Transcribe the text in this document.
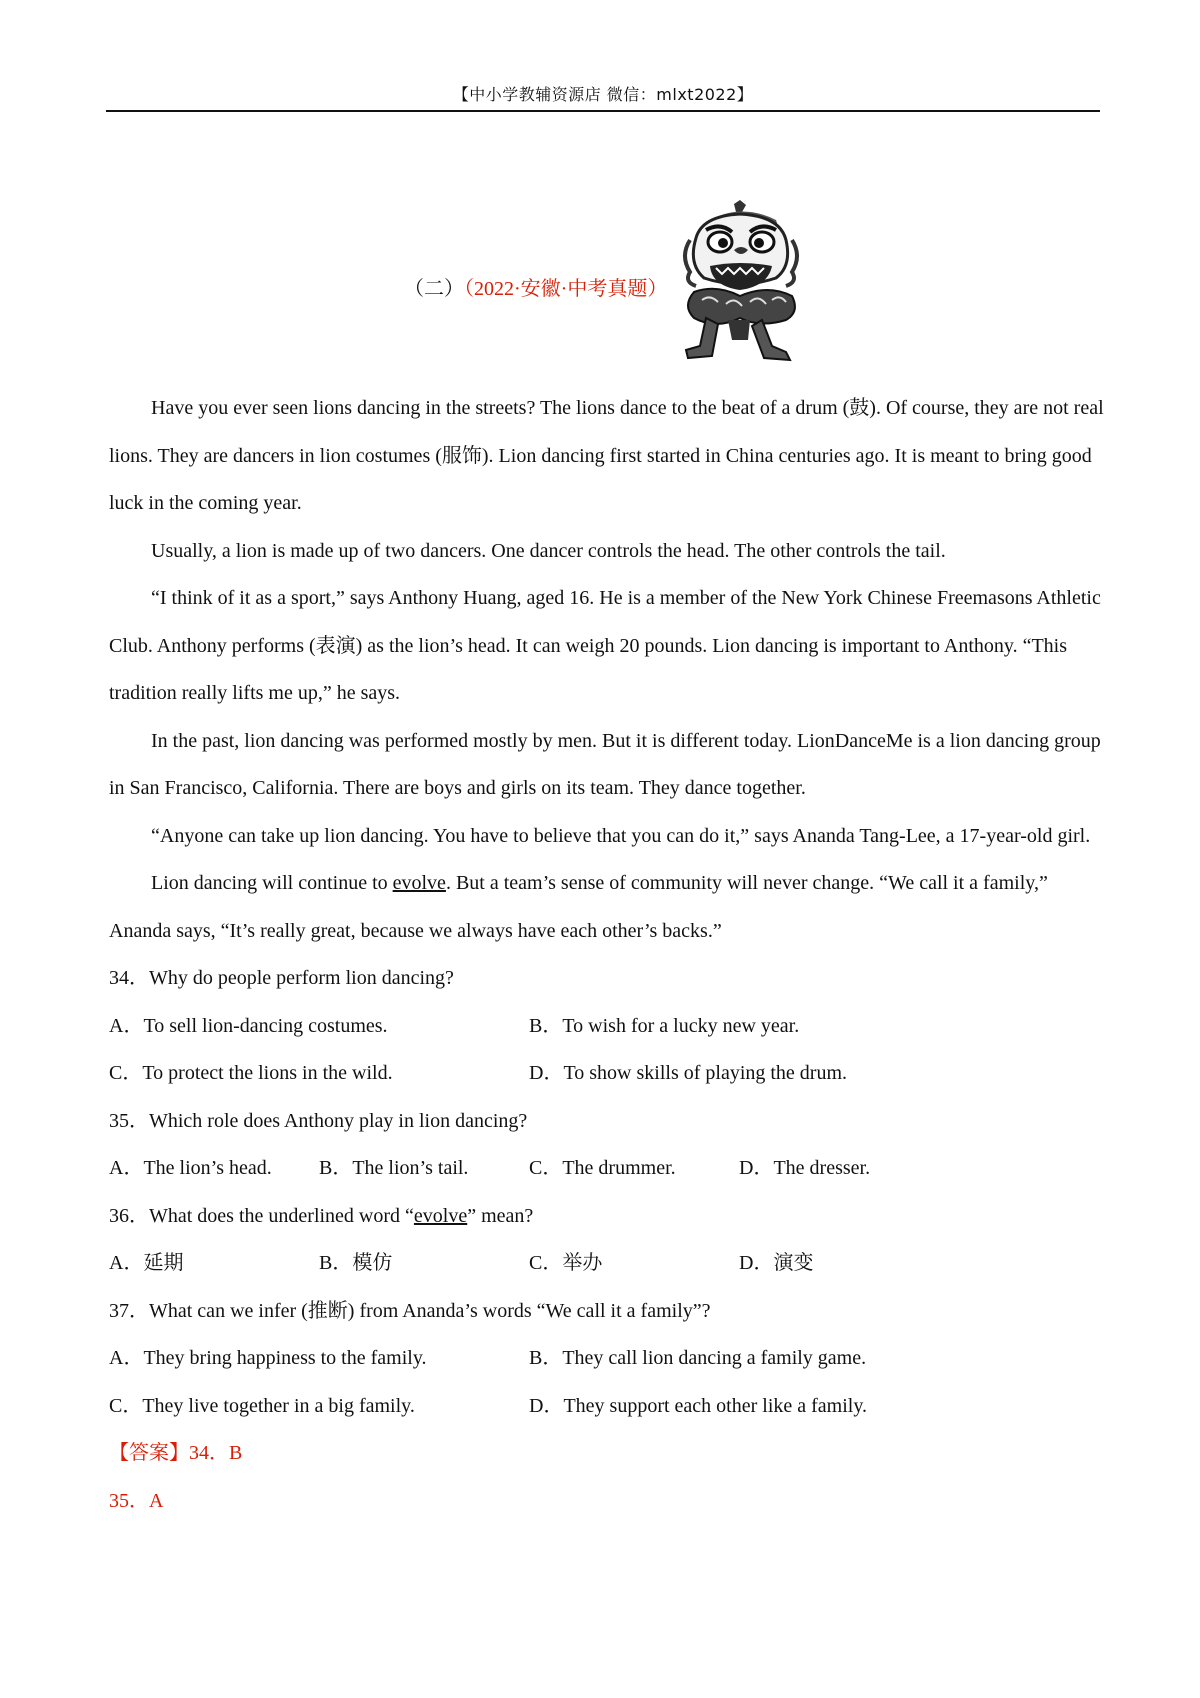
【中小学教辅资源店 微信：mlxt2022】
（二）（2022·安徽·中考真题）

Have you ever seen lions dancing in the streets? The lions dance to the beat of a drum (鼓). Of course, they are not real lions. They are dancers in lion costumes (服饰). Lion dancing first started in China centuries ago. It is meant to bring good luck in the coming year.

Usually, a lion is made up of two dancers. One dancer controls the head. The other controls the tail.

“I think of it as a sport,” says Anthony Huang, aged 16. He is a member of the New York Chinese Freemasons Athletic Club. Anthony performs (表演) as the lion’s head. It can weigh 20 pounds. Lion dancing is important to Anthony. “This tradition really lifts me up,” he says.

In the past, lion dancing was performed mostly by men. But it is different today. LionDanceMe is a lion dancing group in San Francisco, California. There are boys and girls on its team. They dance together.

“Anyone can take up lion dancing. You have to believe that you can do it,” says Ananda Tang-Lee, a 17-year-old girl.

Lion dancing will continue to evolve. But a team’s sense of community will never change. “We call it a family,” Ananda says, “It’s really great, because we always have each other’s backs.”

34．Why do people perform lion dancing?

A．To sell lion-dancing costumes.	B．To wish for a lucky new year.
C．To protect the lions in the wild.	D．To show skills of playing the drum.

35．Which role does Anthony play in lion dancing?

A．The lion’s head.	B．The lion’s tail.	C．The drummer.	D．The dresser.

36．What does the underlined word “evolve” mean?

A．延期	B．模仿	C．举办	D．演变

37．What can we infer (推断) from Ananda’s words “We call it a family”?

A．They bring happiness to the family.	B．They call lion dancing a family game.
C．They live together in a big family.	D．They support each other like a family.

【答案】34．B

35．A
